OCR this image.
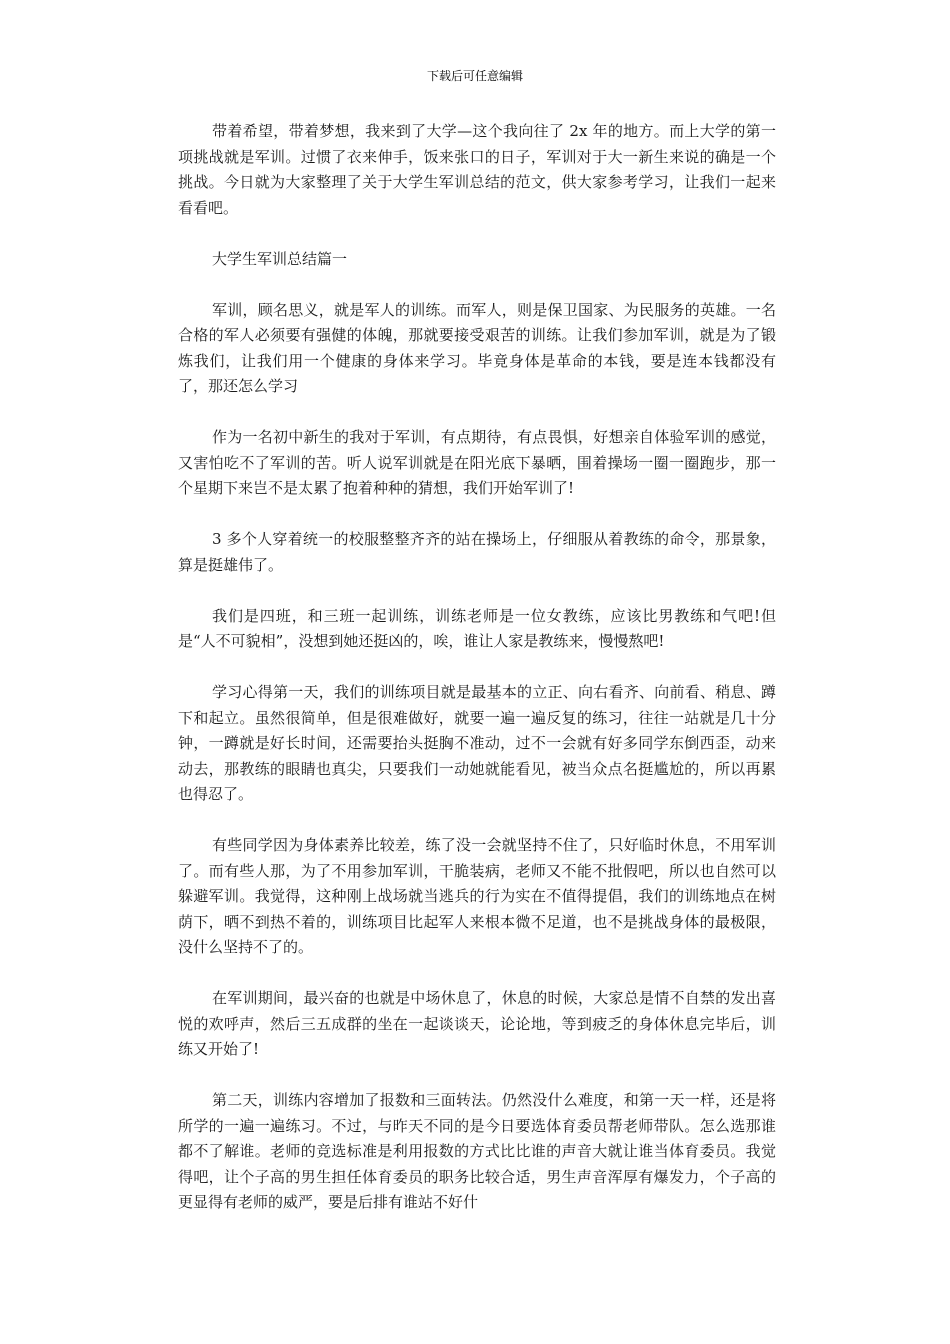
下载后可任意编辑

带着希望，带着梦想，我来到了大学—这个我向往了 2x 年的地方。而上大学的第一项挑战就是军训。过惯了衣来伸手，饭来张口的日子，军训对于大一新生来说的确是一个挑战。今日就为大家整理了关于大学生军训总结的范文，供大家参考学习，让我们一起来看看吧。

大学生军训总结篇一

军训，顾名思义，就是军人的训练。而军人，则是保卫国家、为民服务的英雄。一名合格的军人必须要有强健的体魄，那就要接受艰苦的训练。让我们参加军训，就是为了锻炼我们，让我们用一个健康的身体来学习。毕竟身体是革命的本钱，要是连本钱都没有了，那还怎么学习

作为一名初中新生的我对于军训，有点期待，有点畏惧，好想亲自体验军训的感觉，又害怕吃不了军训的苦。听人说军训就是在阳光底下暴晒，围着操场一圈一圈跑步，那一个星期下来岂不是太累了抱着种种的猜想，我们开始军训了!

3 多个人穿着统一的校服整整齐齐的站在操场上，仔细服从着教练的命令，那景象，算是挺雄伟了。

我们是四班，和三班一起训练，训练老师是一位女教练，应该比男教练和气吧!但是“人不可貌相”，没想到她还挺凶的，唉，谁让人家是教练来，慢慢熬吧!

学习心得第一天，我们的训练项目就是最基本的立正、向右看齐、向前看、稍息、蹲下和起立。虽然很简单，但是很难做好，就要一遍一遍反复的练习，往往一站就是几十分钟，一蹲就是好长时间，还需要抬头挺胸不准动，过不一会就有好多同学东倒西歪，动来动去，那教练的眼睛也真尖，只要我们一动她就能看见，被当众点名挺尴尬的，所以再累也得忍了。

有些同学因为身体素养比较差，练了没一会就坚持不住了，只好临时休息，不用军训了。而有些人那，为了不用参加军训，干脆装病，老师又不能不批假吧，所以也自然可以躲避军训。我觉得，这种刚上战场就当逃兵的行为实在不值得提倡，我们的训练地点在树荫下，晒不到热不着的，训练项目比起军人来根本微不足道，也不是挑战身体的最极限，没什么坚持不了的。

在军训期间，最兴奋的也就是中场休息了，休息的时候，大家总是情不自禁的发出喜悦的欢呼声，然后三五成群的坐在一起谈谈天，论论地，等到疲乏的身体休息完毕后，训练又开始了!

第二天，训练内容增加了报数和三面转法。仍然没什么难度，和第一天一样，还是将所学的一遍一遍练习。不过，与昨天不同的是今日要选体育委员帮老师带队。怎么选那谁都不了解谁。老师的竞选标准是利用报数的方式比比谁的声音大就让谁当体育委员。我觉得吧，让个子高的男生担任体育委员的职务比较合适，男生声音浑厚有爆发力，个子高的更显得有老师的威严，要是后排有谁站不好什
